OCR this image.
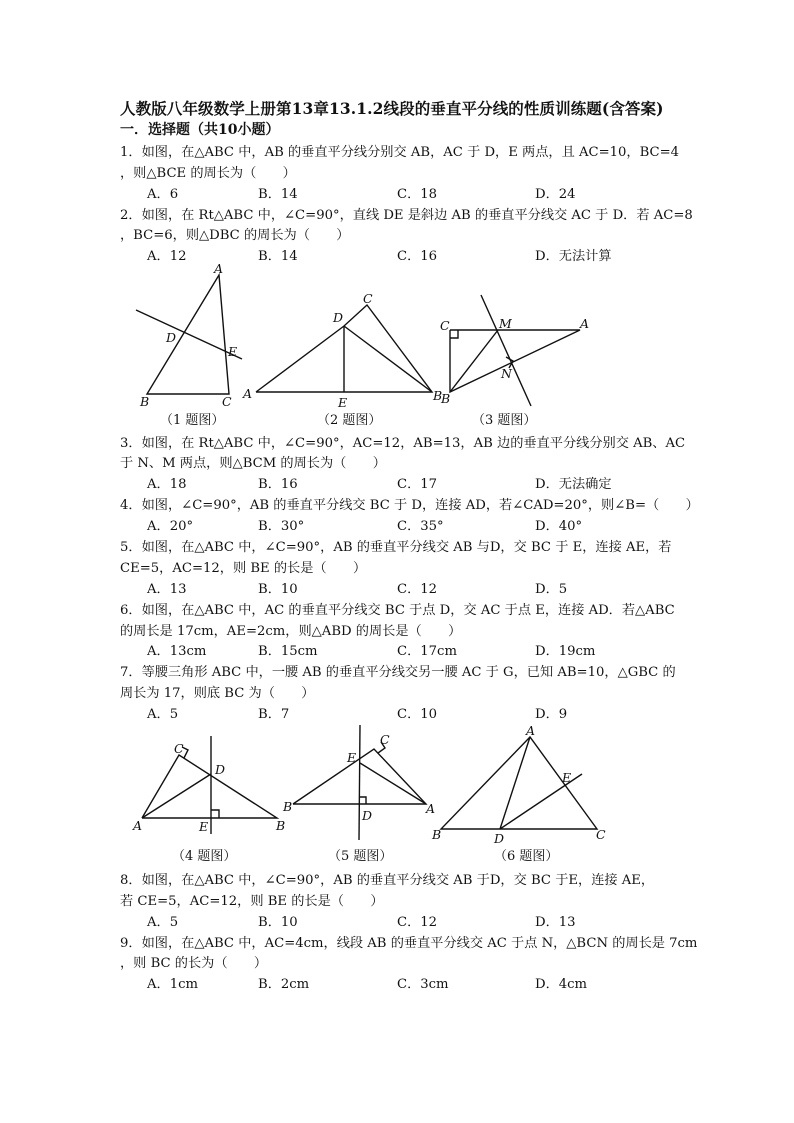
人教版八年级数学上册第13章13.1.2线段的垂直平分线的性质训练题(含答案)
一．选择题（共10小题）
1．如图，在△ABC 中，AB 的垂直平分线分别交 AB，AC 于 D，E 两点，且 AC=10，BC=4
，则△BCE 的周长为（　　）
A．6	B．14	C．18	D．24
2．如图，在 Rt△ABC 中，∠C=90°，直线 DE 是斜边 AB 的垂直平分线交 AC 于 D．若 AC=8
，BC=6，则△DBC 的周长为（　　）
A．12	B．14	C．16	D．无法计算
A
D
E
B	C
C
D
A
E	B
C	M	A
N
B
（1 题图）	（2 题图）	（3 题图）
3．如图，在 Rt△ABC 中，∠C=90°，AC=12，AB=13，AB 边的垂直平分线分别交 AB、AC
于 N、M 两点，则△BCM 的周长为（　　）
A．18	B．16	C．17	D．无法确定
4．如图，∠C=90°，AB 的垂直平分线交 BC 于 D，连接 AD，若∠CAD=20°，则∠B=（　　）
A．20°	B．30°	C．35°	D．40°
5．如图，在△ABC 中，∠C=90°，AB 的垂直平分线交 AB 与D，交 BC 于 E，连接 AE，若
CE=5，AC=12，则 BE 的长是（　　）
A．13	B．10	C．12	D．5
6．如图，在△ABC 中，AC 的垂直平分线交 BC 于点 D，交 AC 于点 E，连接 AD．若△ABC
的周长是 17cm，AE=2cm，则△ABD 的周长是（　　）
A．13cm	B．15cm	C．17cm	D．19cm
7．等腰三角形 ABC 中，一腰 AB 的垂直平分线交另一腰 AC 于 G，已知 AB=10，△GBC 的
周长为 17，则底 BC 为（　　）
A．5	B．7	C．10	D．9
C
D
A	E	B
E
C
B
D	A
A
E
B	D	C
（4 题图）	（5 题图）	（6 题图）
8．如图，在△ABC 中，∠C=90°，AB 的垂直平分线交 AB 于D，交 BC 于E，连接 AE，
若 CE=5，AC=12，则 BE 的长是（　　）
A．5	B．10	C．12	D．13
9．如图，在△ABC 中，AC=4cm，线段 AB 的垂直平分线交 AC 于点 N，△BCN 的周长是 7cm
，则 BC 的长为（　　）
A．1cm	B．2cm	C．3cm	D．4cm
